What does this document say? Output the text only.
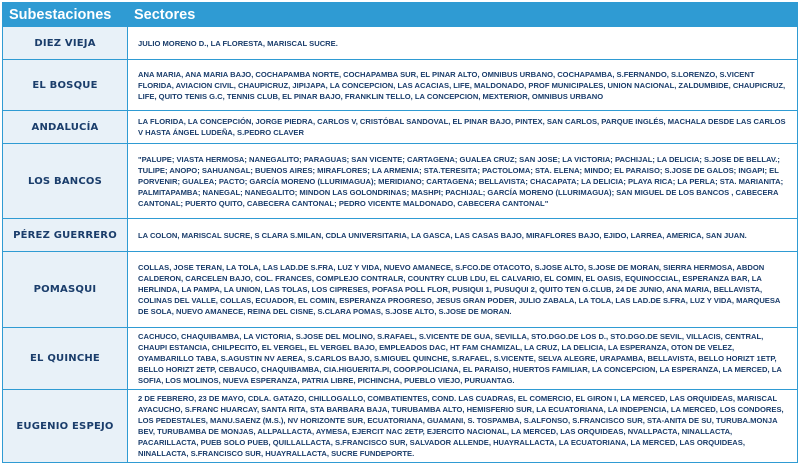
Subestaciones	Sectores
DIEZ VIEJA	JULIO MORENO D., LA FLORESTA, MARISCAL SUCRE.
EL BOSQUE	ANA MARIA, ANA MARIA BAJO, COCHAPAMBA NORTE, COCHAPAMBA SUR, EL PINAR ALTO, OMNIBUS URBANO, COCHAPAMBA, S.FERNANDO, S.LORENZO, S.VICENT FLORIDA, AVIACION CIVIL, CHAUPICRUZ, JIPIJAPA, LA CONCEPCION, LAS ACACIAS, LIFE, MALDONADO, PROF MUNICIPALES, UNION NACIONAL, ZALDUMBIDE, CHAUPICRUZ, LIFE, QUITO TENIS G.C, TENNIS CLUB, EL PINAR BAJO, FRANKLIN TELLO, LA CONCEPCION, MEXTERIOR, OMNIBUS URBANO
ANDALUCÍA	LA FLORIDA, LA CONCEPCIÓN, JORGE PIEDRA, CARLOS V, CRISTÓBAL SANDOVAL, EL PINAR BAJO, PINTEX, SAN CARLOS, PARQUE INGLÉS, MACHALA DESDE LAS CARLOS V HASTA ÁNGEL LUDEÑA, S.PEDRO CLAVER
LOS BANCOS	"PALUPE; VIASTA HERMOSA; NANEGALITO; PARAGUAS; SAN VICENTE; CARTAGENA; GUALEA CRUZ; SAN JOSE; LA VICTORIA; PACHIJAL; LA DELICIA; S.JOSE DE BELLAV.; TULIPE; ANOPO; SAHUANGAL; BUENOS AIRES; MIRAFLORES; LA ARMENIA; STA.TERESITA; PACTOLOMA; STA. ELENA; MINDO; EL PARAISO; S.JOSE DE GALOS; INGAPI; EL PORVENIR; GUALEA; PACTO; GARCÍA MORENO (LLURIMAGUA); MERIDIANO; CARTAGENA; BELLAVISTA; CHACAPATA; LA DELICIA; PLAYA RICA; LA PERLA; STA. MARIANITA; PALMITAPAMBA; NANEGAL; NANEGALITO; MINDON LAS GOLONDRINAS; MASHPI; PACHIJAL; GARCÍA MORENO (LLURIMAGUA); SAN MIGUEL DE LOS BANCOS , CABECERA CANTONAL; PUERTO QUITO, CABECERA CANTONAL; PEDRO VICENTE MALDONADO, CABECERA CANTONAL"
PÉREZ GUERRERO	LA COLON, MARISCAL SUCRE, S CLARA S.MILAN, CDLA UNIVERSITARIA, LA GASCA, LAS CASAS BAJO, MIRAFLORES BAJO, EJIDO, LARREA, AMERICA, SAN JUAN.
POMASQUI	COLLAS, JOSE TERAN, LA TOLA, LAS LAD.DE S.FRA, LUZ Y VIDA, NUEVO AMANECE, S.FCO.DE OTACOTO, S.JOSE ALTO, S.JOSE DE MORAN, SIERRA HERMOSA, ABDON CALDERON, CARCELEN BAJO, COL. FRANCES, COMPLEJO CONTRALR, COUNTRY CLUB LDU, EL CALVARIO, EL COMIN, EL OASIS, EQUINOCCIAL, ESPERANZA BAR, LA HERLINDA, LA PAMPA, LA UNION, LAS TOLAS, LOS CIPRESES, POFASA POLL FLOR, PUSIQUI 1, PUSUQUI 2, QUITO TEN G.CLUB, 24 DE JUNIO, ANA MARIA, BELLAVISTA, COLINAS DEL VALLE, COLLAS, ECUADOR, EL COMIN, ESPERANZA PROGRESO, JESUS GRAN PODER, JULIO ZABALA, LA TOLA, LAS LAD.DE S.FRA, LUZ Y VIDA, MARQUESA DE SOLA, NUEVO AMANECE, REINA DEL CISNE, S.CLARA POMAS, S.JOSE ALTO, S.JOSE DE MORAN.
EL QUINCHE	CACHUCO, CHAQUIBAMBA, LA VICTORIA, S.JOSE DEL MOLINO, S.RAFAEL, S.VICENTE DE GUA, SEVILLA, STO.DGO.DE LOS D., STO.DGO.DE SEVIL, VILLACIS, CENTRAL, CHAUPI ESTANCIA, CHILPECITO, EL VERGEL, EL VERGEL BAJO, EMPLEADOS DAC, HT FAM CHAMIZAL, LA CRUZ, LA DELICIA, LA ESPERANZA, OTON DE VELEZ, OYAMBARILLO TABA, S.AGUSTIN NV AEREA, S.CARLOS BAJO, S.MIGUEL QUINCHE, S.RAFAEL, S.VICENTE, SELVA ALEGRE, URAPAMBA, BELLAVISTA, BELLO HORIZT 1ETP, BELLO HORIZT 2ETP, CEBAUCO, CHAQUIBAMBA, CIA.HIGUERITA.PI, COOP.POLICIANA, EL PARAISO, HUERTOS FAMILIAR, LA CONCEPCION, LA ESPERANZA, LA MERCED, LA SOFIA, LOS MOLINOS, NUEVA ESPERANZA, PATRIA LIBRE, PICHINCHA, PUEBLO VIEJO, PURUANTAG.
EUGENIO ESPEJO	2 DE FEBRERO, 23 DE MAYO, CDLA. GATAZO, CHILLOGALLO, COMBATIENTES, COND. LAS CUADRAS, EL COMERCIO, EL GIRON I, LA MERCED, LAS ORQUIDEAS, MARISCAL AYACUCHO, S.FRANC HUARCAY, SANTA RITA, STA BARBARA BAJA, TURUBAMBA ALTO, HEMISFERIO SUR, LA ECUATORIANA, LA INDEPENCIA, LA MERCED, LOS CONDORES, LOS PEDESTALES, MANU.SAENZ (M.S.), NV HORIZONTE SUR, ECUATORIANA, GUAMANI, S. TOSPAMBA, S.ALFONSO, S.FRANCISCO SUR, STA-ANITA DE SU, TURUBA.MONJA BEV, TURUBAMBA DE MONJAS, ALLPALLACTA, AYMESA, EJERCIT NAC 2ETP, EJERCITO NACIONAL, LA MERCED, LAS ORQUIDEAS, NVALLPACTA, NINALLACTA, PACARILLACTA, PUEB SOLO PUEB, QUILLALLACTA, S.FRANCISCO SUR, SALVADOR ALLENDE, HUAYRALLACTA, LA ECUATORIANA, LA MERCED, LAS ORQUIDEAS, NINALLACTA, S.FRANCISCO SUR, HUAYRALLACTA, SUCRE FUNDEPORTE.
